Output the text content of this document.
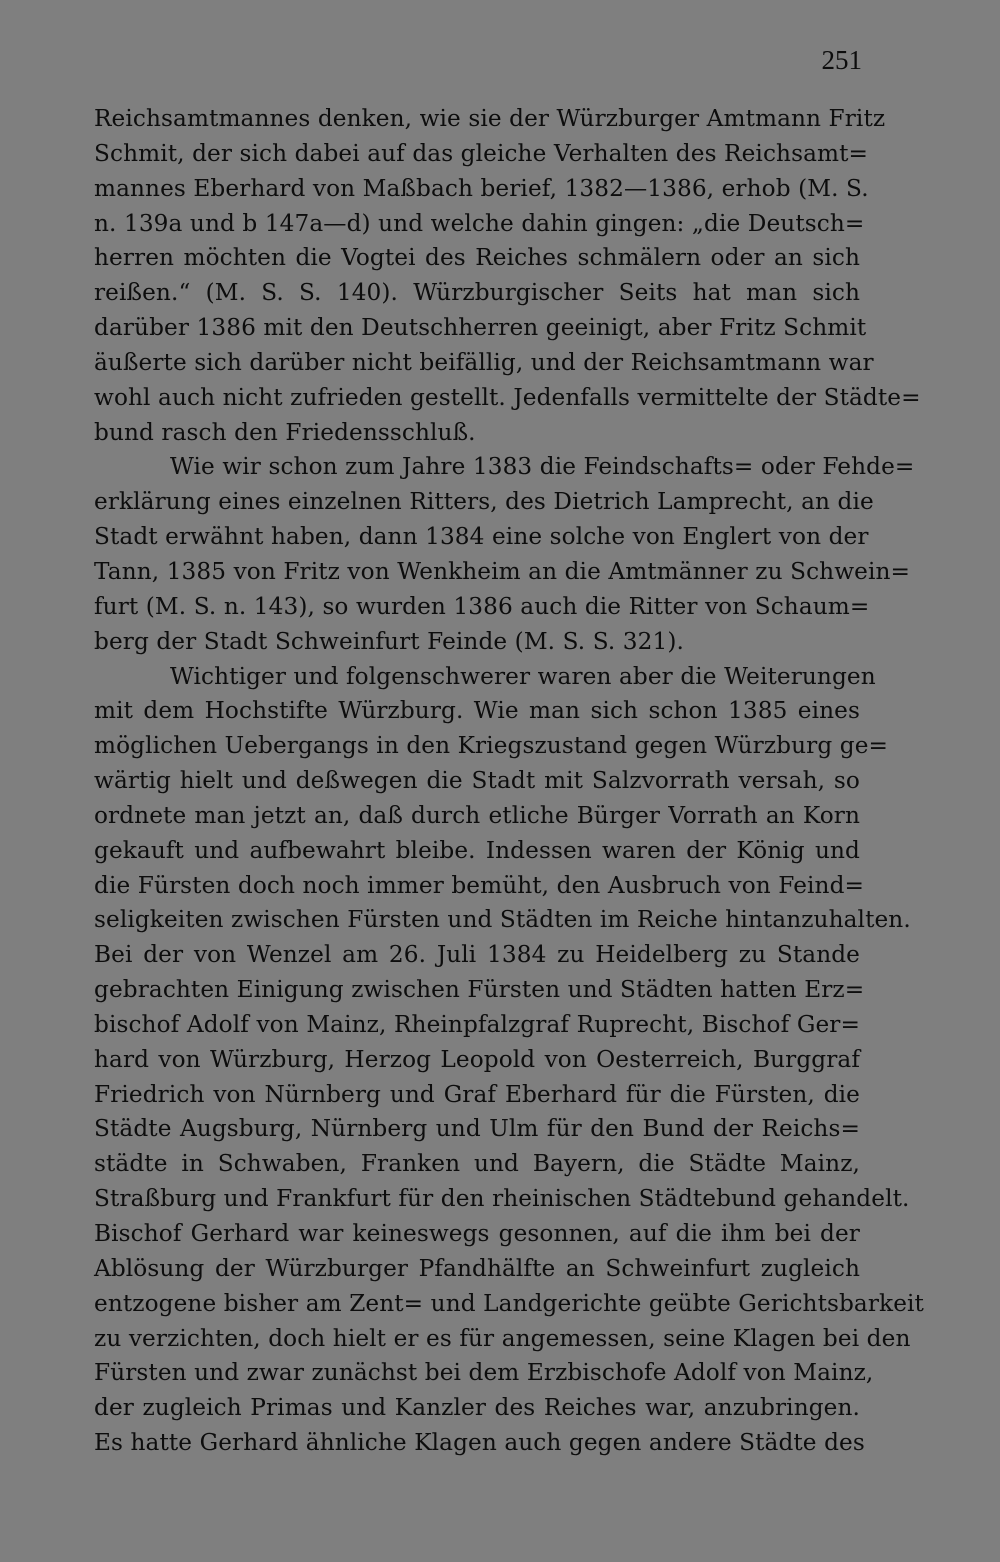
251
Reichsamtmannes denken, wie sie der Würzburger Amtmann Fritz
Schmit, der sich dabei auf das gleiche Verhalten des Reichsamt=
mannes Eberhard von Maßbach berief, 1382—1386, erhob (M. S.
n. 139a und b 147a—d) und welche dahin gingen: „die Deutsch=
herren möchten die Vogtei des Reiches schmälern oder an sich
reißen.“ (M. S. S. 140). Würzburgischer Seits hat man sich
darüber 1386 mit den Deutschherren geeinigt, aber Fritz Schmit
äußerte sich darüber nicht beifällig, und der Reichsamtmann war
wohl auch nicht zufrieden gestellt. Jedenfalls vermittelte der Städte=
bund rasch den Friedensschluß.
Wie wir schon zum Jahre 1383 die Feindschafts= oder Fehde=
erklärung eines einzelnen Ritters, des Dietrich Lamprecht, an die
Stadt erwähnt haben, dann 1384 eine solche von Englert von der
Tann, 1385 von Fritz von Wenkheim an die Amtmänner zu Schwein=
furt (M. S. n. 143), so wurden 1386 auch die Ritter von Schaum=
berg der Stadt Schweinfurt Feinde (M. S. S. 321).
Wichtiger und folgenschwerer waren aber die Weiterungen
mit dem Hochstifte Würzburg. Wie man sich schon 1385 eines
möglichen Uebergangs in den Kriegszustand gegen Würzburg ge=
wärtig hielt und deßwegen die Stadt mit Salzvorrath versah, so
ordnete man jetzt an, daß durch etliche Bürger Vorrath an Korn
gekauft und aufbewahrt bleibe. Indessen waren der König und
die Fürsten doch noch immer bemüht, den Ausbruch von Feind=
seligkeiten zwischen Fürsten und Städten im Reiche hintanzuhalten.
Bei der von Wenzel am 26. Juli 1384 zu Heidelberg zu Stande
gebrachten Einigung zwischen Fürsten und Städten hatten Erz=
bischof Adolf von Mainz, Rheinpfalzgraf Ruprecht, Bischof Ger=
hard von Würzburg, Herzog Leopold von Oesterreich, Burggraf
Friedrich von Nürnberg und Graf Eberhard für die Fürsten, die
Städte Augsburg, Nürnberg und Ulm für den Bund der Reichs=
städte in Schwaben, Franken und Bayern, die Städte Mainz,
Straßburg und Frankfurt für den rheinischen Städtebund gehandelt.
Bischof Gerhard war keineswegs gesonnen, auf die ihm bei der
Ablösung der Würzburger Pfandhälfte an Schweinfurt zugleich
entzogene bisher am Zent= und Landgerichte geübte Gerichtsbarkeit
zu verzichten, doch hielt er es für angemessen, seine Klagen bei den
Fürsten und zwar zunächst bei dem Erzbischofe Adolf von Mainz,
der zugleich Primas und Kanzler des Reiches war, anzubringen.
Es hatte Gerhard ähnliche Klagen auch gegen andere Städte des
